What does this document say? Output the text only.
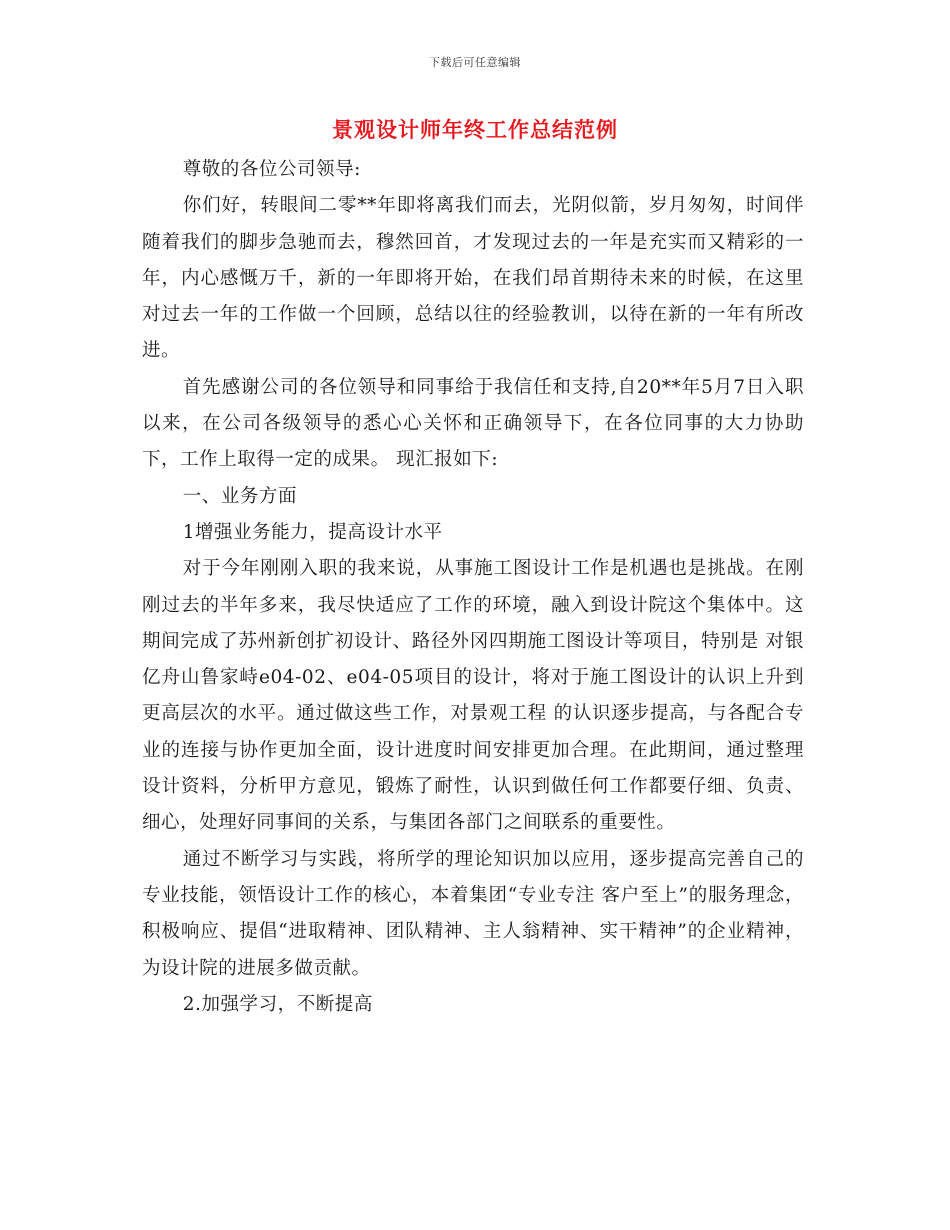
下载后可任意编辑
景观设计师年终工作总结范例

尊敬的各位公司领导:

你们好，转眼间二零**年即将离我们而去，光阴似箭，岁月匆匆，时间伴随着我们的脚步急驰而去，穆然回首，才发现过去的一年是充实而又精彩的一年，内心感慨万千，新的一年即将开始，在我们昂首期待未来的时候，在这里对过去一年的工作做一个回顾，总结以往的经验教训，以待在新的一年有所改进。

首先感谢公司的各位领导和同事给于我信任和支持,自20**年5月7日入职以来，在公司各级领导的悉心心关怀和正确领导下，在各位同事的大力协助下，工作上取得一定的成果。 现汇报如下:

一、业务方面

1增强业务能力，提高设计水平

对于今年刚刚入职的我来说，从事施工图设计工作是机遇也是挑战。在刚刚过去的半年多来，我尽快适应了工作的环境，融入到设计院这个集体中。这期间完成了苏州新创扩初设计、路径外冈四期施工图设计等项目，特别是 对银亿舟山鲁家峙e04-02、e04-05项目的设计，将对于施工图设计的认识上升到更高层次的水平。通过做这些工作，对景观工程 的认识逐步提高，与各配合专业的连接与协作更加全面，设计进度时间安排更加合理。在此期间，通过整理设计资料，分析甲方意见，锻炼了耐性，认识到做任何工作都要仔细、负责、细心，处理好同事间的关系，与集团各部门之间联系的重要性。

通过不断学习与实践，将所学的理论知识加以应用，逐步提高完善自己的专业技能，领悟设计工作的核心，本着集团“专业专注 客户至上”的服务理念，积极响应、提倡“进取精神、团队精神、主人翁精神、实干精神”的企业精神，为设计院的进展多做贡献。

2.加强学习，不断提高
